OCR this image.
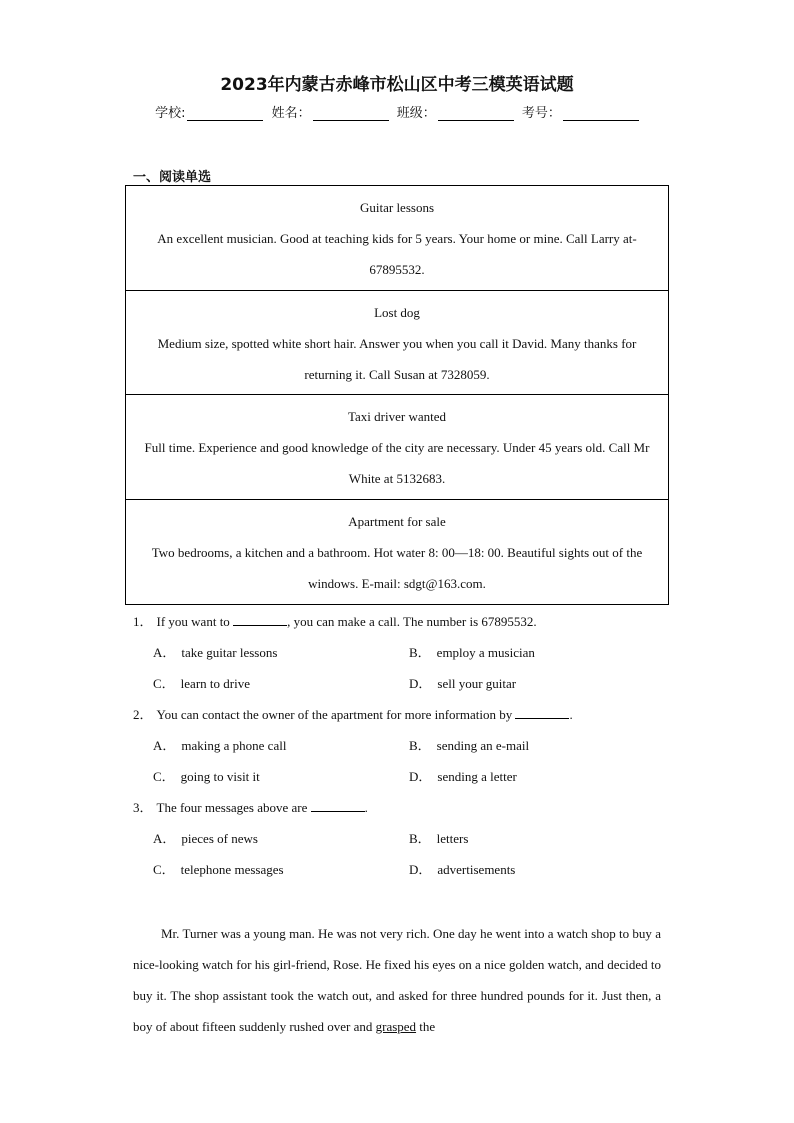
2023年内蒙古赤峰市松山区中考三模英语试题
学校:	姓名：	班级：	考号：
一、阅读单选
Guitar lessons
An excellent musician. Good at teaching kids for 5 years. Your home or mine. Call Larry at-67895532.
Lost dog
Medium size, spotted white short hair. Answer you when you call it David. Many thanks for returning it. Call Susan at 7328059.
Taxi driver wanted
Full time. Experience and good knowledge of the city are necessary. Under 45 years old. Call Mr White at 5132683.
Apartment for sale
Two bedrooms, a kitchen and a bathroom. Hot water 8: 00—18: 00. Beautiful sights out of the windows. E-mail: sdgt@163.com.
1． If you want to	, you can make a call. The number is 67895532.
A． take guitar lessons	B． employ a musician
C． learn to drive	D． sell your guitar
2． You can contact the owner of the apartment for more information by	.
A． making a phone call	B． sending an e-mail
C． going to visit it	D． sending a letter
3． The four messages above are	.
A． pieces of news	B． letters
C． telephone messages	D． advertisements
Mr. Turner was a young man. He was not very rich. One day he went into a watch shop to buy a nice-looking watch for his girl-friend, Rose. He fixed his eyes on a nice golden watch, and decided to buy it. The shop assistant took the watch out, and asked for three hundred pounds for it. Just then, a boy of about fifteen suddenly rushed over and grasped the
